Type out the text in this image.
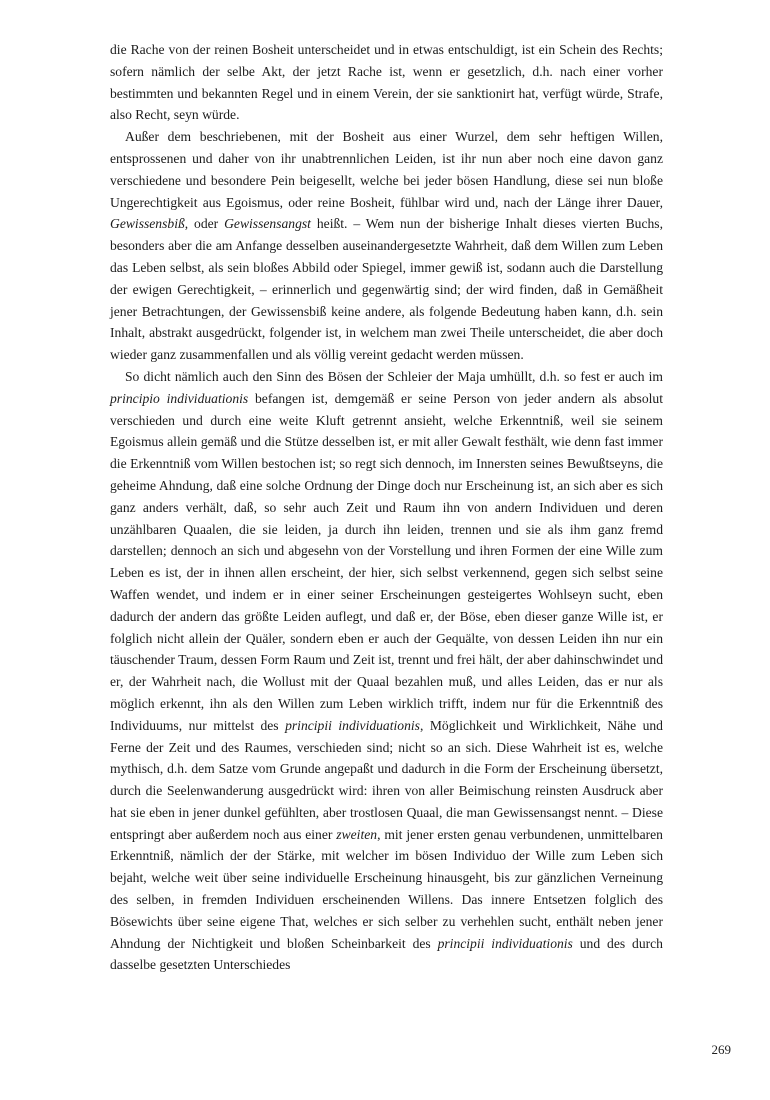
die Rache von der reinen Bosheit unterscheidet und in etwas entschuldigt, ist ein Schein des Rechts; sofern nämlich der selbe Akt, der jetzt Rache ist, wenn er gesetzlich, d.h. nach einer vorher bestimmten und bekannten Regel und in einem Verein, der sie sanktionirt hat, verfügt würde, Strafe, also Recht, seyn würde.

Außer dem beschriebenen, mit der Bosheit aus einer Wurzel, dem sehr heftigen Willen, entsprossenen und daher von ihr unabtrennlichen Leiden, ist ihr nun aber noch eine davon ganz verschiedene und besondere Pein beigesellt, welche bei jeder bösen Handlung, diese sei nun bloße Ungerechtigkeit aus Egoismus, oder reine Bosheit, fühlbar wird und, nach der Länge ihrer Dauer, Gewissensbiß, oder Gewissensangst heißt. – Wem nun der bisherige Inhalt dieses vierten Buchs, besonders aber die am Anfange desselben auseinandergesetzte Wahrheit, daß dem Willen zum Leben das Leben selbst, als sein bloßes Abbild oder Spiegel, immer gewiß ist, sodann auch die Darstellung der ewigen Gerechtigkeit, – erinnerlich und gegenwärtig sind; der wird finden, daß in Gemäßheit jener Betrachtungen, der Gewissensbiß keine andere, als folgende Bedeutung haben kann, d.h. sein Inhalt, abstrakt ausgedrückt, folgender ist, in welchem man zwei Theile unterscheidet, die aber doch wieder ganz zusammenfallen und als völlig vereint gedacht werden müssen.

So dicht nämlich auch den Sinn des Bösen der Schleier der Maja umhüllt, d.h. so fest er auch im principio individuationis befangen ist, demgemäß er seine Person von jeder andern als absolut verschieden und durch eine weite Kluft getrennt ansieht, welche Erkenntniß, weil sie seinem Egoismus allein gemäß und die Stütze desselben ist, er mit aller Gewalt festhält, wie denn fast immer die Erkenntniß vom Willen bestochen ist; so regt sich dennoch, im Innersten seines Bewußtseyns, die geheime Ahndung, daß eine solche Ordnung der Dinge doch nur Erscheinung ist, an sich aber es sich ganz anders verhält, daß, so sehr auch Zeit und Raum ihn von andern Individuen und deren unzählbaren Quaalen, die sie leiden, ja durch ihn leiden, trennen und sie als ihm ganz fremd darstellen; dennoch an sich und abgesehn von der Vorstellung und ihren Formen der eine Wille zum Leben es ist, der in ihnen allen erscheint, der hier, sich selbst verkennend, gegen sich selbst seine Waffen wendet, und indem er in einer seiner Erscheinungen gesteigertes Wohlseyn sucht, eben dadurch der andern das größte Leiden auflegt, und daß er, der Böse, eben dieser ganze Wille ist, er folglich nicht allein der Quäler, sondern eben er auch der Gequälte, von dessen Leiden ihn nur ein täuschender Traum, dessen Form Raum und Zeit ist, trennt und frei hält, der aber dahinschwindet und er, der Wahrheit nach, die Wollust mit der Quaal bezahlen muß, und alles Leiden, das er nur als möglich erkennt, ihn als den Willen zum Leben wirklich trifft, indem nur für die Erkenntniß des Individuums, nur mittelst des principii individuationis, Möglichkeit und Wirklichkeit, Nähe und Ferne der Zeit und des Raumes, verschieden sind; nicht so an sich. Diese Wahrheit ist es, welche mythisch, d.h. dem Satze vom Grunde angepaßt und dadurch in die Form der Erscheinung übersetzt, durch die Seelenwanderung ausgedrückt wird: ihren von aller Beimischung reinsten Ausdruck aber hat sie eben in jener dunkel gefühlten, aber trostlosen Quaal, die man Gewissensangst nennt. – Diese entspringt aber außerdem noch aus einer zweiten, mit jener ersten genau verbundenen, unmittelbaren Erkenntniß, nämlich der der Stärke, mit welcher im bösen Individuo der Wille zum Leben sich bejaht, welche weit über seine individuelle Erscheinung hinausgeht, bis zur gänzlichen Verneinung des selben, in fremden Individuen erscheinenden Willens. Das innere Entsetzen folglich des Bösewichts über seine eigene That, welches er sich selber zu verhehlen sucht, enthält neben jener Ahndung der Nichtigkeit und bloßen Scheinbarkeit des principii individuationis und des durch dasselbe gesetzten Unterschiedes

269
